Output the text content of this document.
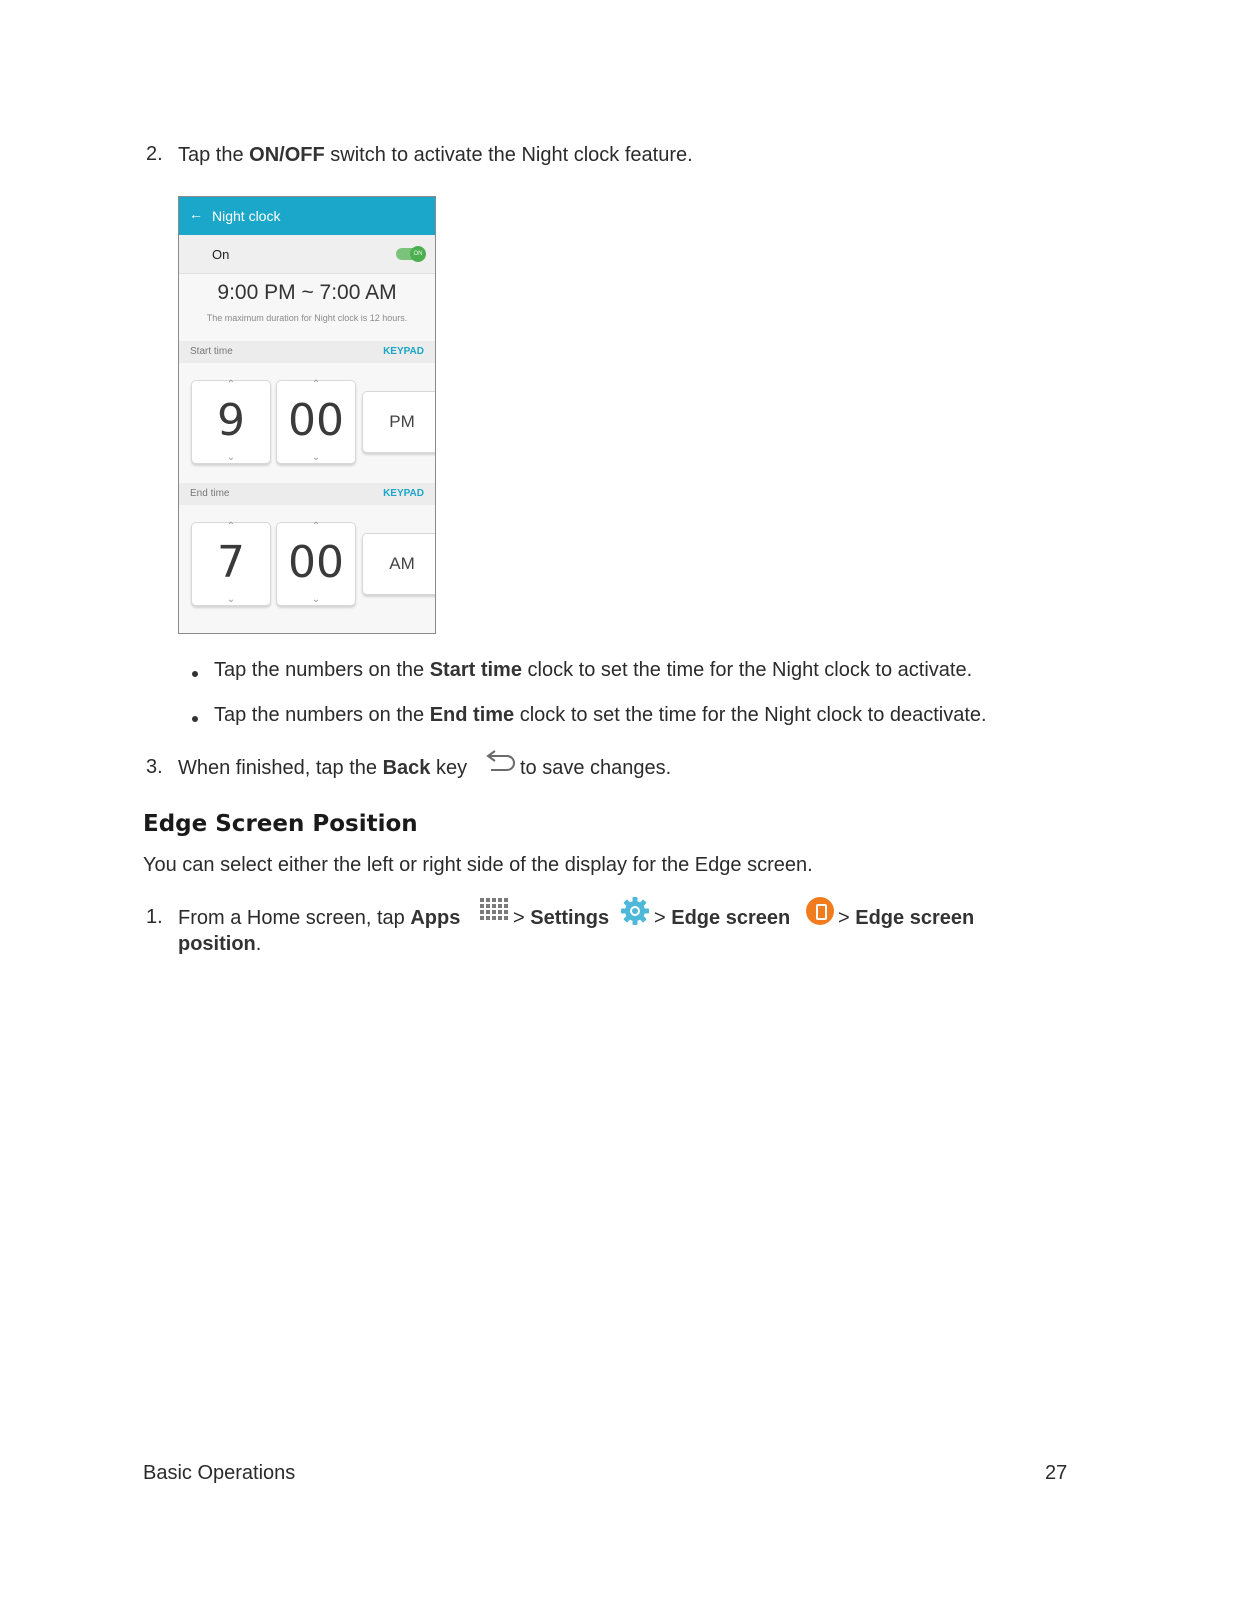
2. Tap the ON/OFF switch to activate the Night clock feature.
← Night clock
On	ON
9:00 PM ~ 7:00 AM
The maximum duration for Night clock is 12 hours.
Start time	KEYPAD
⌃
9
⌄
⌃
00
⌄
PM
End time	KEYPAD
⌃
7
⌄
⌃
00
⌄
AM
Tap the numbers on the Start time clock to set the time for the Night clock to activate.
Tap the numbers on the End time clock to set the time for the Night clock to deactivate.
3. When finished, tap the Back key	to save changes.
Edge Screen Position
You can select either the left or right side of the display for the Edge screen.
1. From a Home screen, tap Apps	> Settings > Edge screen > Edge screen
position.
Basic Operations	27
